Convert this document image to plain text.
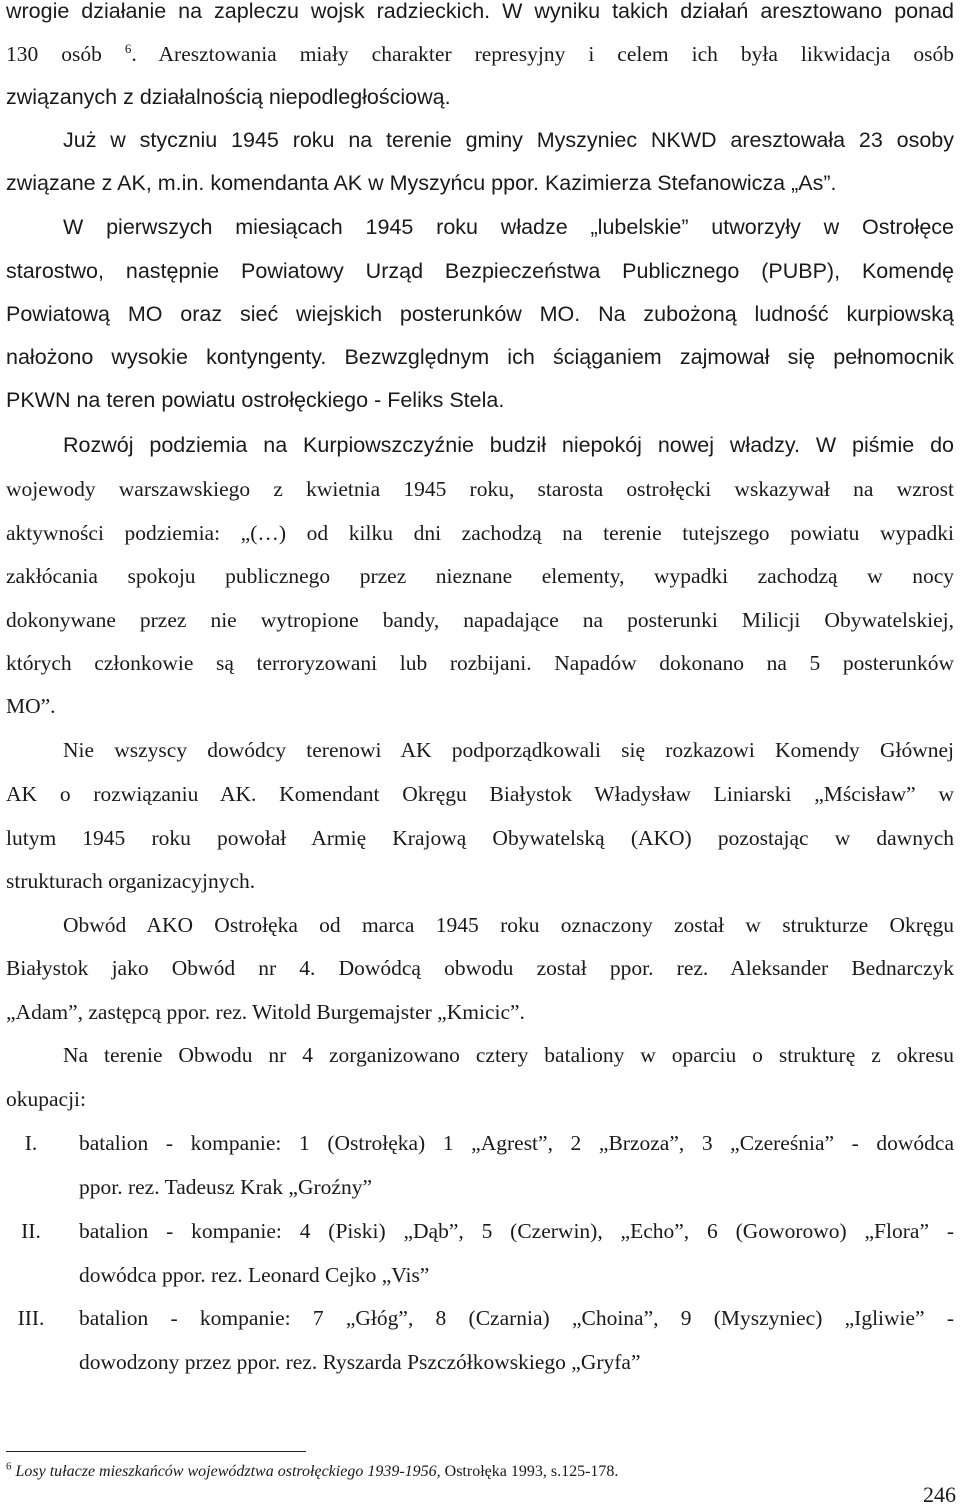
wrogie działanie na zapleczu wojsk radzieckich. W wyniku takich działań aresztowano ponad
130 osób $^6$. Aresztowania miały charakter represyjny i celem ich była likwidacja osób
związanych z działalnością niepodległościową.
Już w styczniu 1945 roku na terenie gminy Myszyniec NKWD aresztowała 23 osoby
związane z AK, m.in. komendanta AK w Myszyńcu ppor. Kazimierza Stefanowicza „As”.
W pierwszych miesiącach 1945 roku władze „lubelskie” utworzyły w Ostrołęce
starostwo, następnie Powiatowy Urząd Bezpieczeństwa Publicznego (PUBP), Komendę
Powiatową MO oraz sieć wiejskich posterunków MO. Na zubożoną ludność kurpiowską
nałożono wysokie kontyngenty. Bezwzględnym ich ściąganiem zajmował się pełnomocnik
PKWN na teren powiatu ostrołęckiego - Feliks Stela.
Rozwój podziemia na Kurpiowszczyźnie budził niepokój nowej władzy. W piśmie do
wojewody warszawskiego z kwietnia 1945 roku, starosta ostrołęcki wskazywał na wzrost
aktywności podziemia: „(…) od kilku dni zachodzą na terenie tutejszego powiatu wypadki
zakłócania spokoju publicznego przez nieznane elementy, wypadki zachodzą w nocy
dokonywane przez nie wytropione bandy, napadające na posterunki Milicji Obywatelskiej,
których członkowie są terroryzowani lub rozbijani. Napadów dokonano na 5 posterunków
MO”.
Nie wszyscy dowódcy terenowi AK podporządkowali się rozkazowi Komendy Głównej
AK o rozwiązaniu AK. Komendant Okręgu Białystok Władysław Liniarski „Mścisław” w
lutym 1945 roku powołał Armię Krajową Obywatelską (AKO) pozostając w dawnych
strukturach organizacyjnych.
Obwód AKO Ostrołęka od marca 1945 roku oznaczony został w strukturze Okręgu
Białystok jako Obwód nr 4. Dowódcą obwodu został ppor. rez. Aleksander Bednarczyk
„Adam”, zastępcą ppor. rez. Witold Burgemajster „Kmicic”.
Na terenie Obwodu nr 4 zorganizowano cztery bataliony w oparciu o strukturę z okresu
okupacji:
I.	batalion - kompanie: 1 (Ostrołęka) 1 „Agrest”, 2 „Brzoza”, 3 „Czereśnia” - dowódca
ppor. rez. Tadeusz Krak „Groźny”
II.	batalion - kompanie: 4 (Piski) „Dąb”, 5 (Czerwin), „Echo”, 6 (Goworowo) „Flora” -
dowódca ppor. rez. Leonard Cejko „Vis”
III.	batalion - kompanie: 7 „Głóg”, 8 (Czarnia) „Choina”, 9 (Myszyniec) „Igliwie” -
dowodzony przez ppor. rez. Ryszarda Pszczółkowskiego „Gryfa”
$^6$ Losy tułacze mieszkańców województwa ostrołęckiego 1939-1956, Ostrołęka 1993, s.125-178.
246
